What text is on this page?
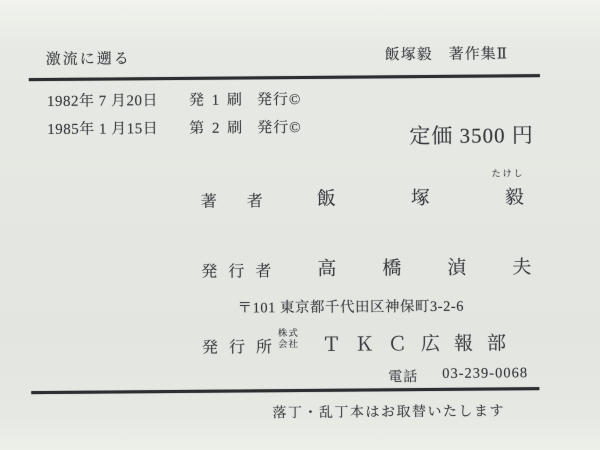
激流に遡る	飯塚毅　著作集Ⅱ
1982年 7 月20日 発 1 刷 発行©
1985年 1 月15日 第 2 刷 発行©	定価 3500 円
著者
たけし
飯塚毅
発行者 高橋湞夫
〒101 東京都千代田区神保町3-2-6
発行所
株式
会社 ＴＫＣ広報部
電話 03-239-0068
落丁・乱丁本はお取替いたします
